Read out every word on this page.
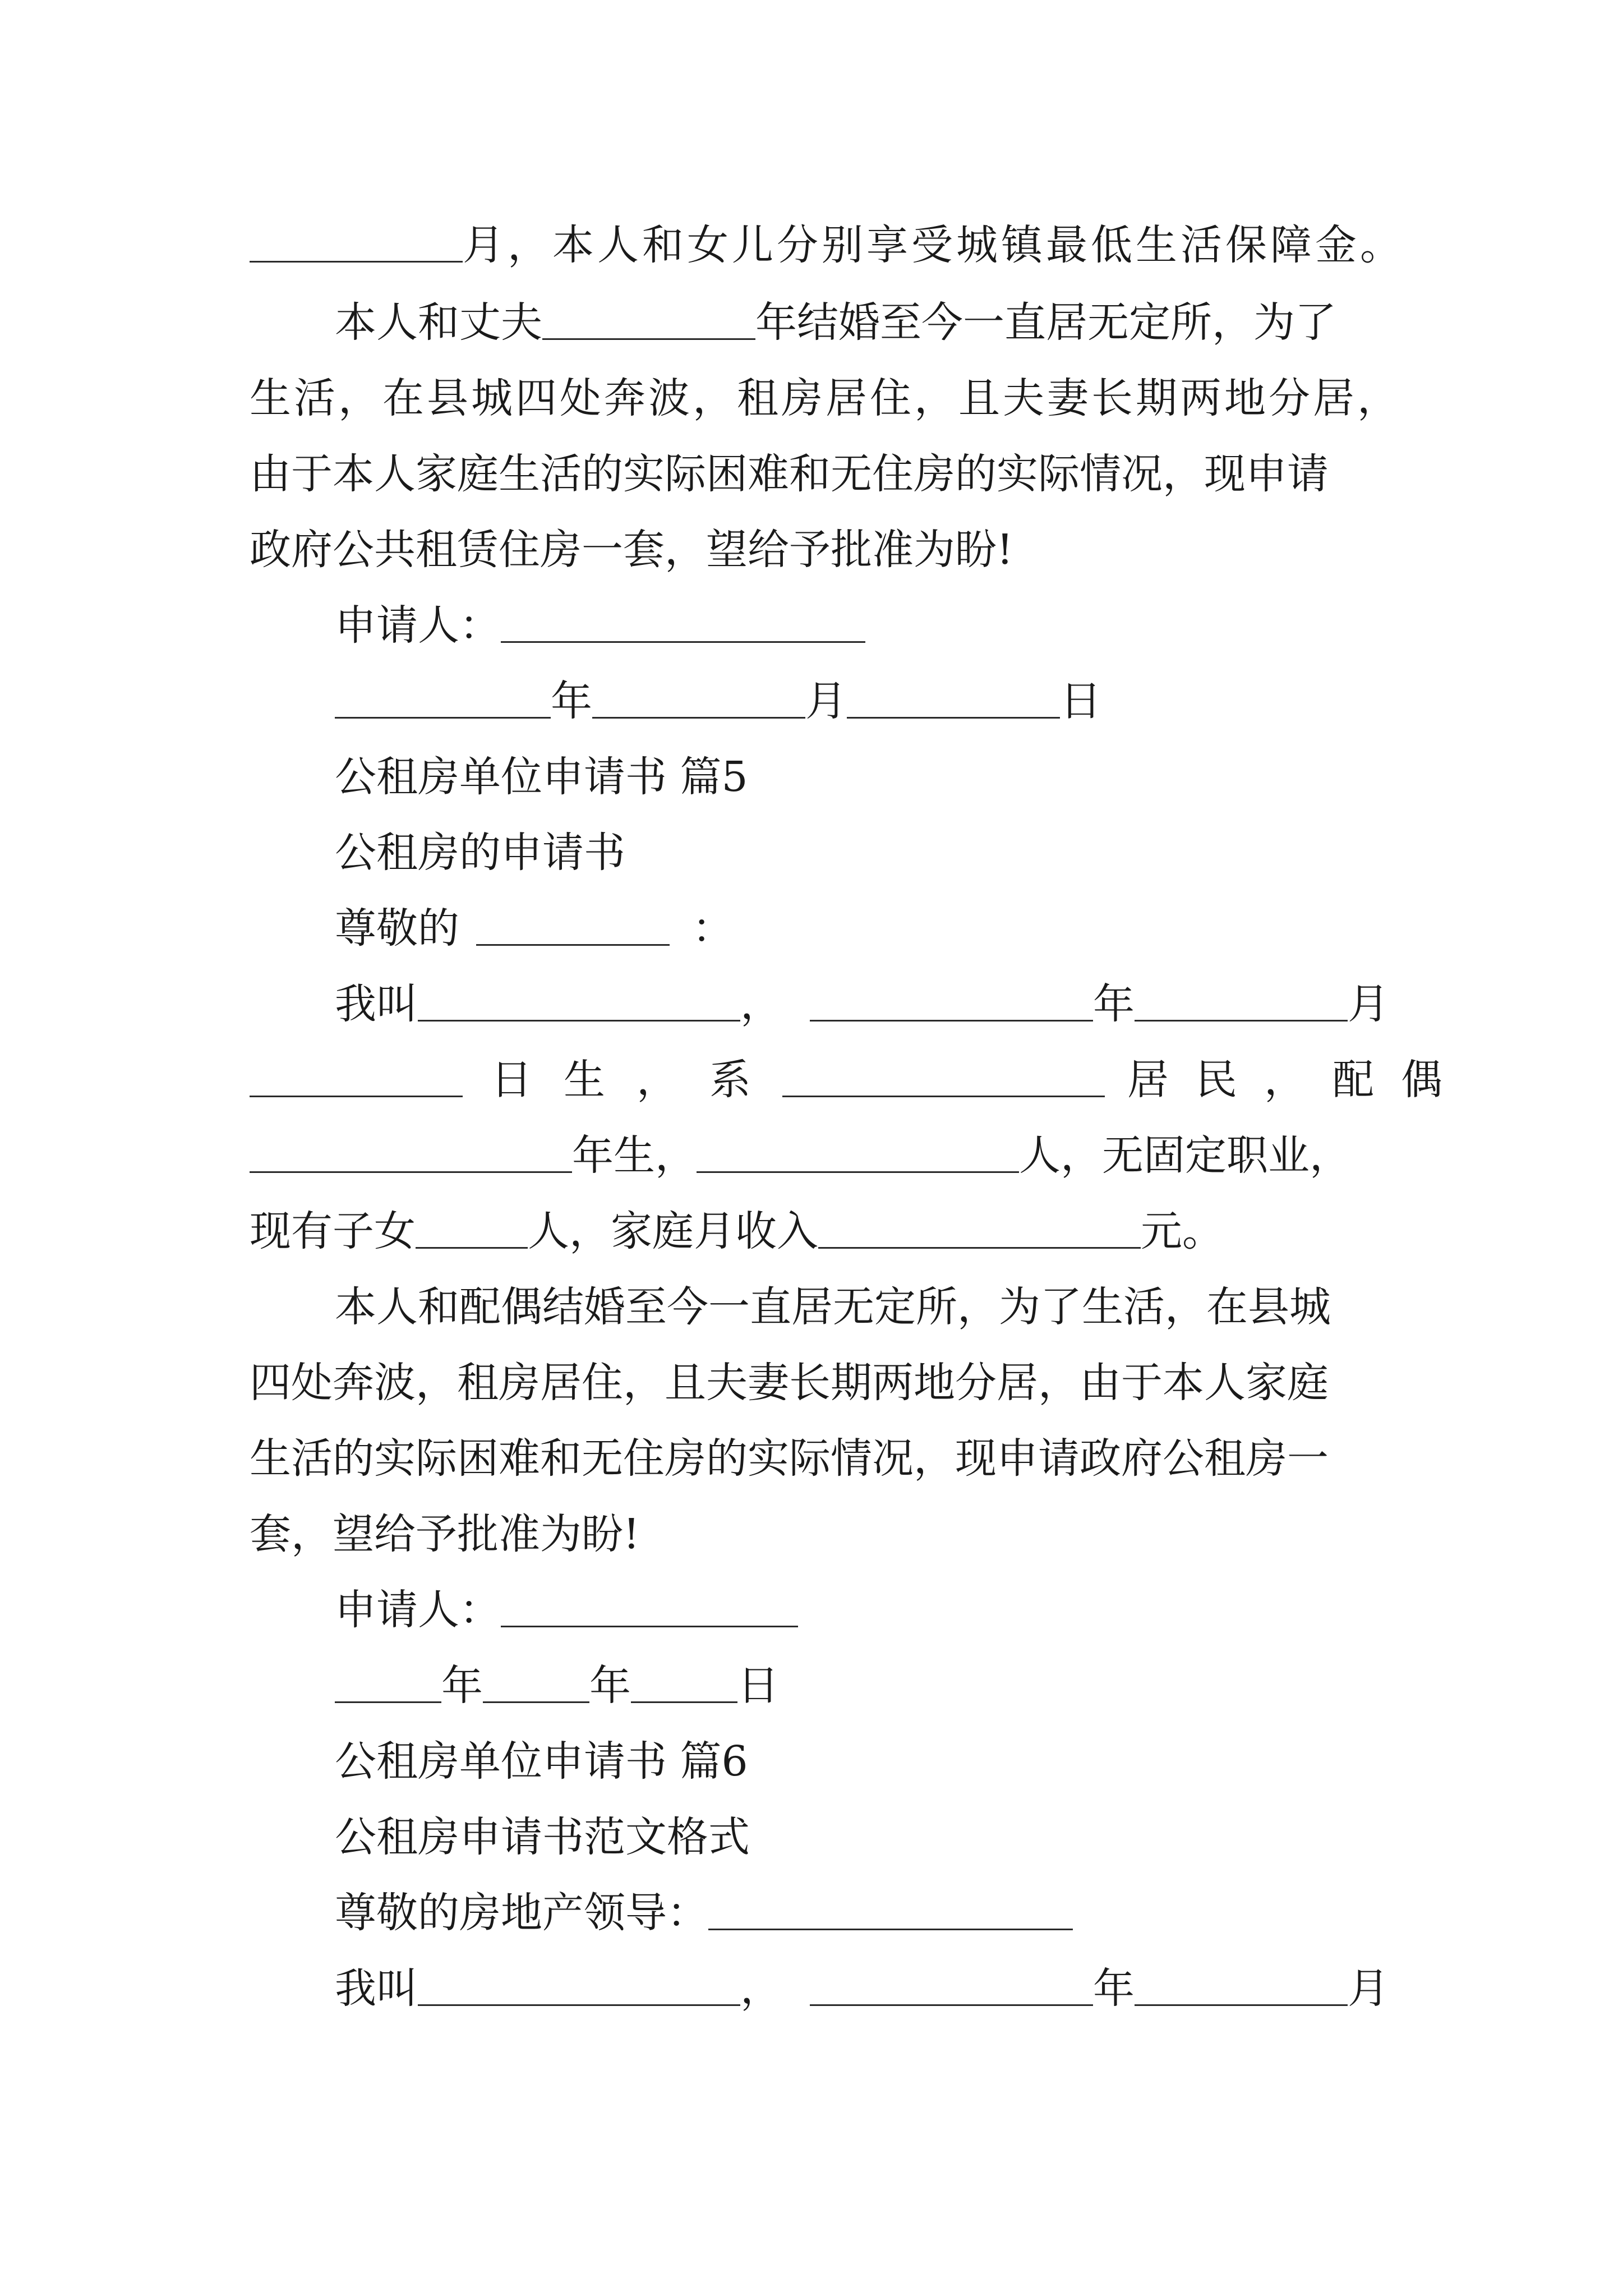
月，本人和女儿分别享受城镇最低生活保障金。
本人和丈夫	年结婚至今一直居无定所，为了
生活，在县城四处奔波，租房居住，且夫妻长期两地分居，
由于本人家庭生活的实际困难和无住房的实际情况，现申请
政府公共租赁住房一套，望给予批准为盼!
申请人：
年	月	日
公租房单位申请书 篇5
公租房的申请书
尊敬的	：
我叫	，	年	月
日生，系	居民，配偶
年生，	人，无固定职业，
现有子女	人，家庭月收入	元。
本人和配偶结婚至今一直居无定所，为了生活，在县城
四处奔波，租房居住，且夫妻长期两地分居，由于本人家庭
生活的实际困难和无住房的实际情况，现申请政府公租房一
套，望给予批准为盼!
申请人：
年	年	日
公租房单位申请书 篇6
公租房申请书范文格式
尊敬的房地产领导：
我叫	，	年	月
